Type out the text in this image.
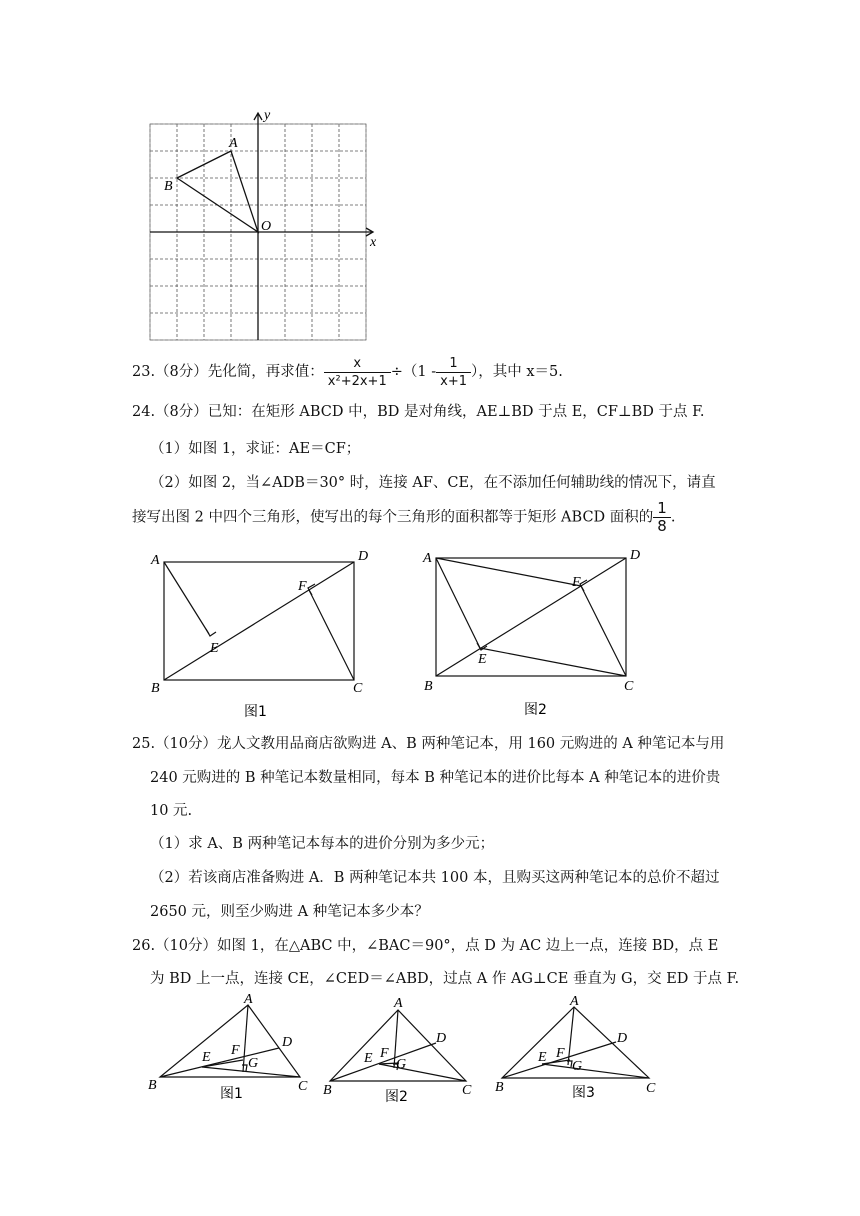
x
y
A
B
O
23.（8分）先化简，再求值： $\frac{x}{\text{x²+2x+1}} \div(1 - \frac{1}{x+1}$ ），其中 x＝5.
24.（8分）已知：在矩形 ABCD 中，BD 是对角线，AE⊥BD 于点 E，CF⊥BD 于点 F.
（1）如图 1，求证：AE＝CF；
（2）如图 2，当∠ADB＝30° 时，连接 AF、CE，在不添加任何辅助线的情况下，请直
接写出图 2 中四个三角形，使写出的每个三角形的面积都等于矩形 ABCD 面积的 $\frac{1}{8}$ .
A	D
B	C
E
F
A	D
B	C
E
F
图1	图2
25.（10分）龙人文教用品商店欲购进 A、B 两种笔记本，用 160 元购进的 A 种笔记本与用
240 元购进的 B 种笔记本数量相同，每本 B 种笔记本的进价比每本 A 种笔记本的进价贵
10 元.
（1）求 A、B 两种笔记本每本的进价分别为多少元；
（2）若该商店准备购进 A．B 两种笔记本共 100 本，且购买这两种笔记本的总价不超过
2650 元，则至少购进 A 种笔记本多少本？
26.（10分）如图 1，在△ABC 中，∠BAC＝90°，点 D 为 AC 边上一点，连接 BD，点 E
为 BD 上一点，连接 CE，∠CED＝∠ABD，过点 A 作 AG⊥CE 垂直为 G，交 ED 于点 F.
A
B	C
D
E F
G
图1
A
B	C
D
E F
G
图2
A
B	C
D
E F
G
图3
